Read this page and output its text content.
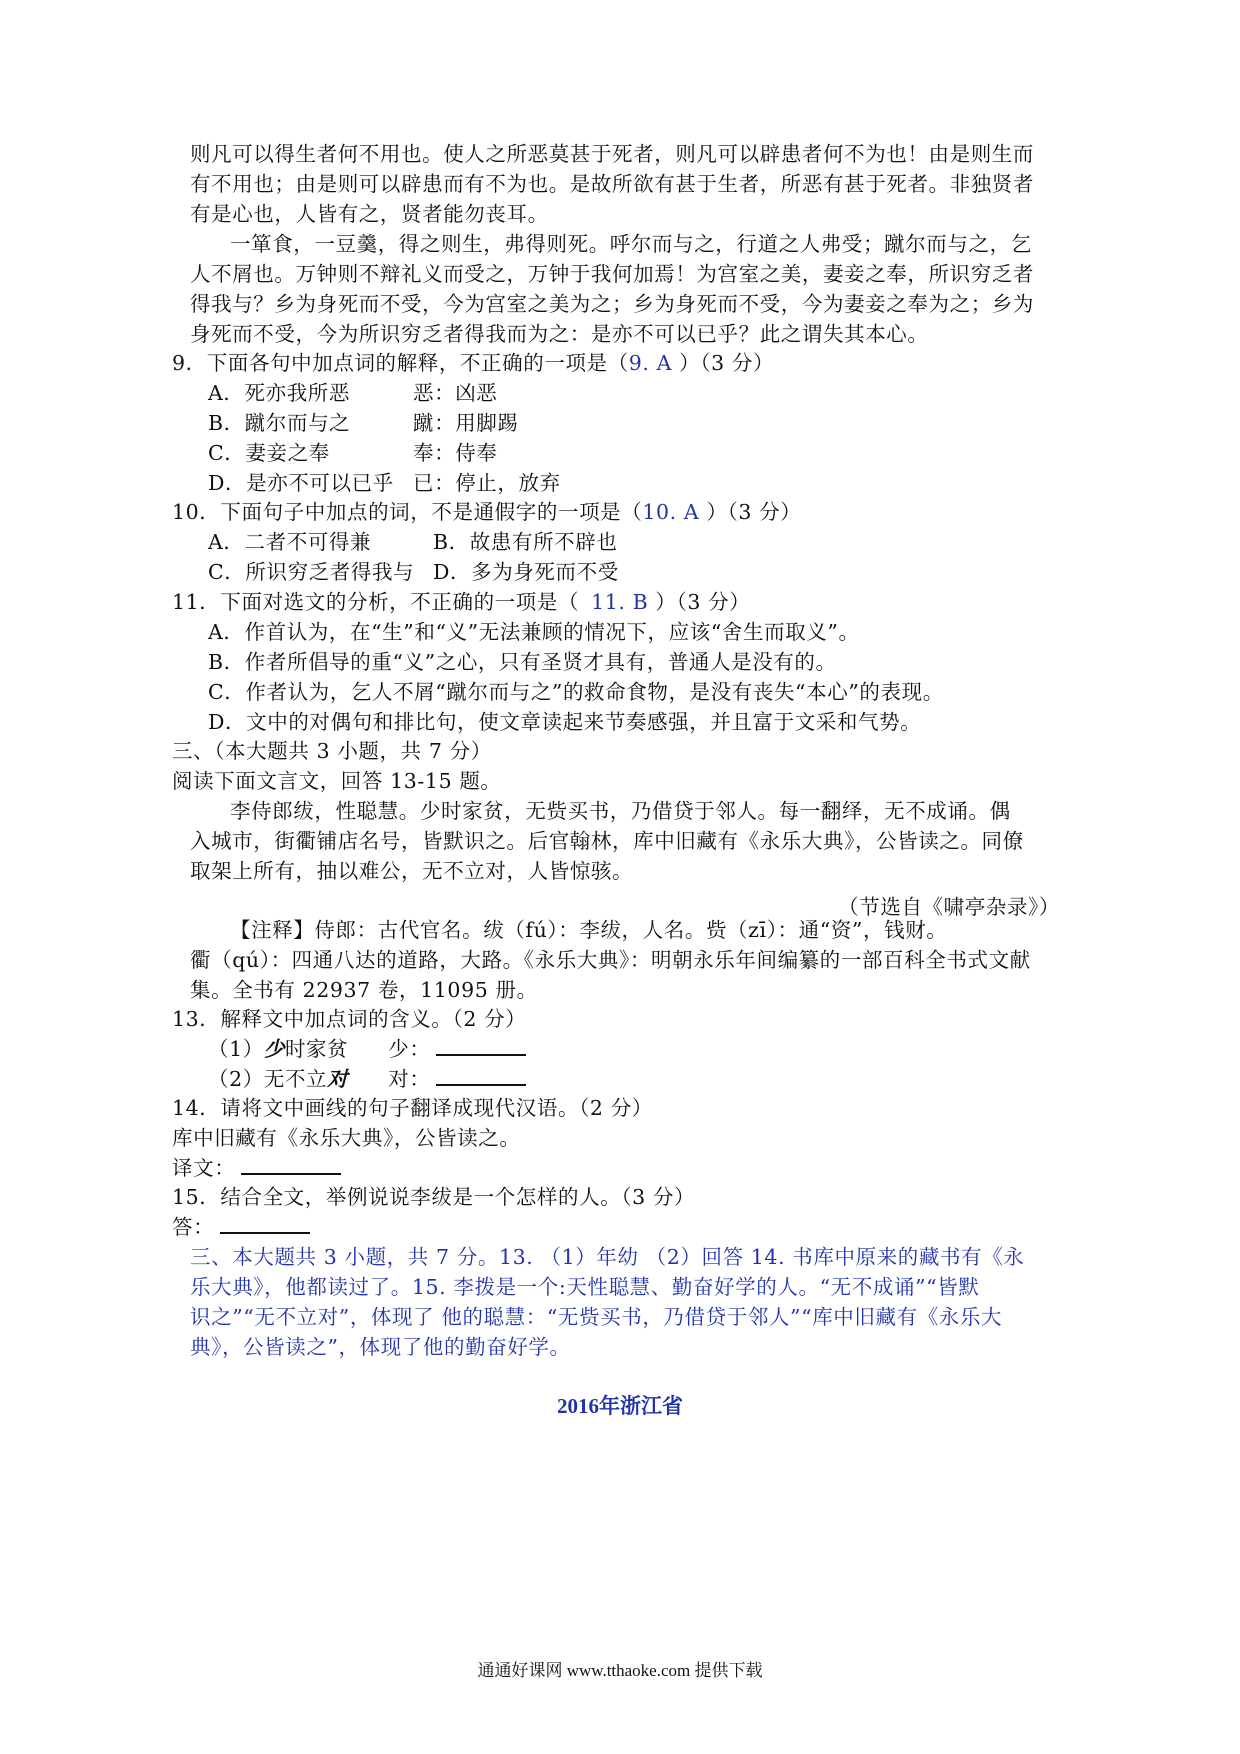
则凡可以得生者何不用也。使人之所恶莫甚于死者，则凡可以辟患者何不为也！由是则生而
有不用也；由是则可以辟患而有不为也。是故所欲有甚于生者，所恶有甚于死者。非独贤者
有是心也，人皆有之，贤者能勿丧耳。
一箪食，一豆羹，得之则生，弗得则死。呼尔而与之，行道之人弗受；蹴尔而与之，乞
人不屑也。万钟则不辩礼义而受之，万钟于我何加焉！为宫室之美，妻妾之奉，所识穷乏者
得我与？乡为身死而不受，今为宫室之美为之；乡为身死而不受，今为妻妾之奉为之；乡为
身死而不受，今为所识穷乏者得我而为之：是亦不可以已乎？此之谓失其本心。
9．下面各句中加点词的解释，不正确的一项是（9. A ）（3 分）
A．死亦我所恶	恶：凶恶
B．蹴尔而与之	蹴：用脚踢
C．妻妾之奉	奉：侍奉
D．是亦不可以已乎 已：停止，放弃
10．下面句子中加点的词，不是通假字的一项是（10. A ）（3 分）
A．二者不可得兼	B．故患有所不辟也
C．所识穷乏者得我与 D．多为身死而不受
11．下面对选文的分析，不正确的一项是（ 11. B ）（3 分）
A．作首认为，在“生”和“义”无法兼顾的情况下，应该“舍生而取义”。
B．作者所倡导的重“义”之心，只有圣贤才具有，普通人是没有的。
C．作者认为，乞人不屑“蹴尔而与之”的救命食物，是没有丧失“本心”的表现。
D．文中的对偶句和排比句，使文章读起来节奏感强，并且富于文采和气势。
三、（本大题共 3 小题，共 7 分）
阅读下面文言文，回答 13-15 题。
李侍郎绂，性聪慧。少时家贫，无赀买书，乃借贷于邻人。每一翻绎，无不成诵。偶
入城市，街衢铺店名号，皆默识之。后官翰林，库中旧藏有《永乐大典》，公皆读之。同僚
取架上所有，抽以难公，无不立对，人皆惊骇。
（节选自《啸亭杂录》）
【注释】侍郎：古代官名。绂（fú）：李绂，人名。赀（zī）：通“资”，钱财。
衢（qú）：四通八达的道路，大路。《永乐大典》：明朝永乐年间编纂的一部百科全书式文献
集。全书有 22937 卷，11095 册。
13．解释文中加点词的含义。（2 分）
（1）少时家贫 少：
（2）无不立对 对：
14．请将文中画线的句子翻译成现代汉语。（2 分）
库中旧藏有《永乐大典》，公皆读之。
译文：
15．结合全文，举例说说李绂是一个怎样的人。（3 分）
答：
三、本大题共 3 小题，共 7 分。13. （1）年幼 （2）回答 14. 书库中原来的藏书有《永
乐大典》，他都读过了。15. 李拨是一个:天性聪慧、勤奋好学的人。“无不成诵”“皆默
识之”“无不立对”，体现了 他的聪慧：“无赀买书，乃借贷于邻人”“库中旧藏有《永乐大
典》，公皆读之”，体现了他的勤奋好学。
2016年浙江省
通通好课网 www.tthaoke.com 提供下载
